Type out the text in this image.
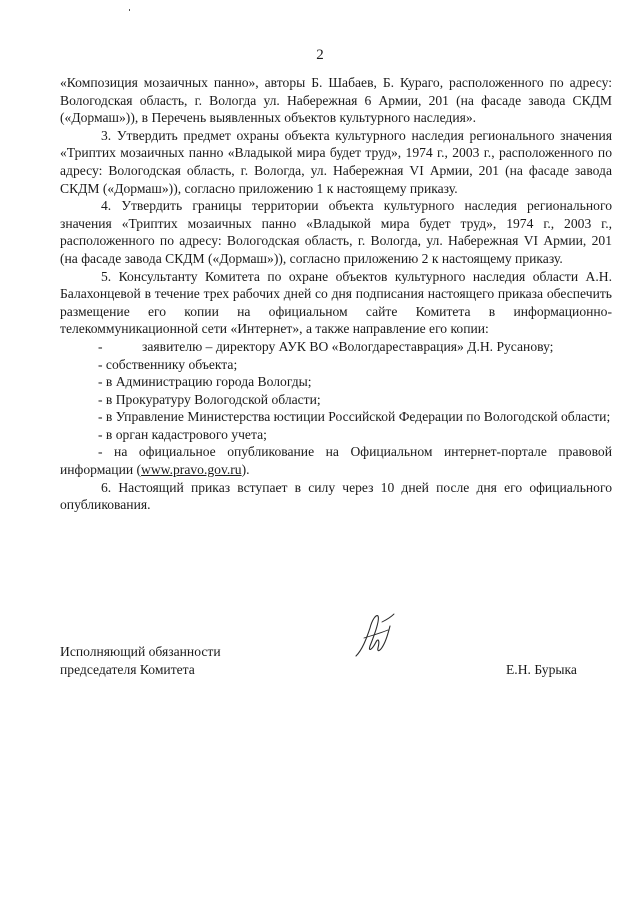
2

«Композиция мозаичных панно», авторы Б. Шабаев, Б. Кураго, расположенного по адресу: Вологодская область, г. Вологда ул. Набережная 6 Армии, 201 (на фасаде завода СКДМ («Дормаш»)), в Перечень выявленных объектов культурного наследия».

3. Утвердить предмет охраны объекта культурного наследия регионального значения «Триптих мозаичных панно «Владыкой мира будет труд», 1974 г., 2003 г., расположенного по адресу: Вологодская область, г. Вологда, ул. Набережная VI Армии, 201 (на фасаде завода СКДМ («Дормаш»)), согласно приложению 1 к настоящему приказу.

4. Утвердить границы территории объекта культурного наследия регионального значения «Триптих мозаичных панно «Владыкой мира будет труд», 1974 г., 2003 г., расположенного по адресу: Вологодская область, г. Вологда, ул. Набережная VI Армии, 201 (на фасаде завода СКДМ («Дормаш»)), согласно приложению 2 к настоящему приказу.

5. Консультанту Комитета по охране объектов культурного наследия области А.Н. Балахонцевой в течение трех рабочих дней со дня подписания настоящего приказа обеспечить размещение его копии на официальном сайте Комитета в информационно-телекоммуникационной сети «Интернет», а также направление его копии:

-	заявителю – директору АУК ВО «Вологдареставрация» Д.Н. Русанову;

- собственнику объекта;

- в Администрацию города Вологды;

- в Прокуратуру Вологодской области;

- в Управление Министерства юстиции Российской Федерации по Вологодской области;

- в орган кадастрового учета;

- на официальное опубликование на Официальном интернет-портале правовой информации (www.pravo.gov.ru).

6. Настоящий приказ вступает в силу через 10 дней после дня его официального опубликования.

Исполняющий обязанности

председателя Комитета	Е.Н. Бурыка
